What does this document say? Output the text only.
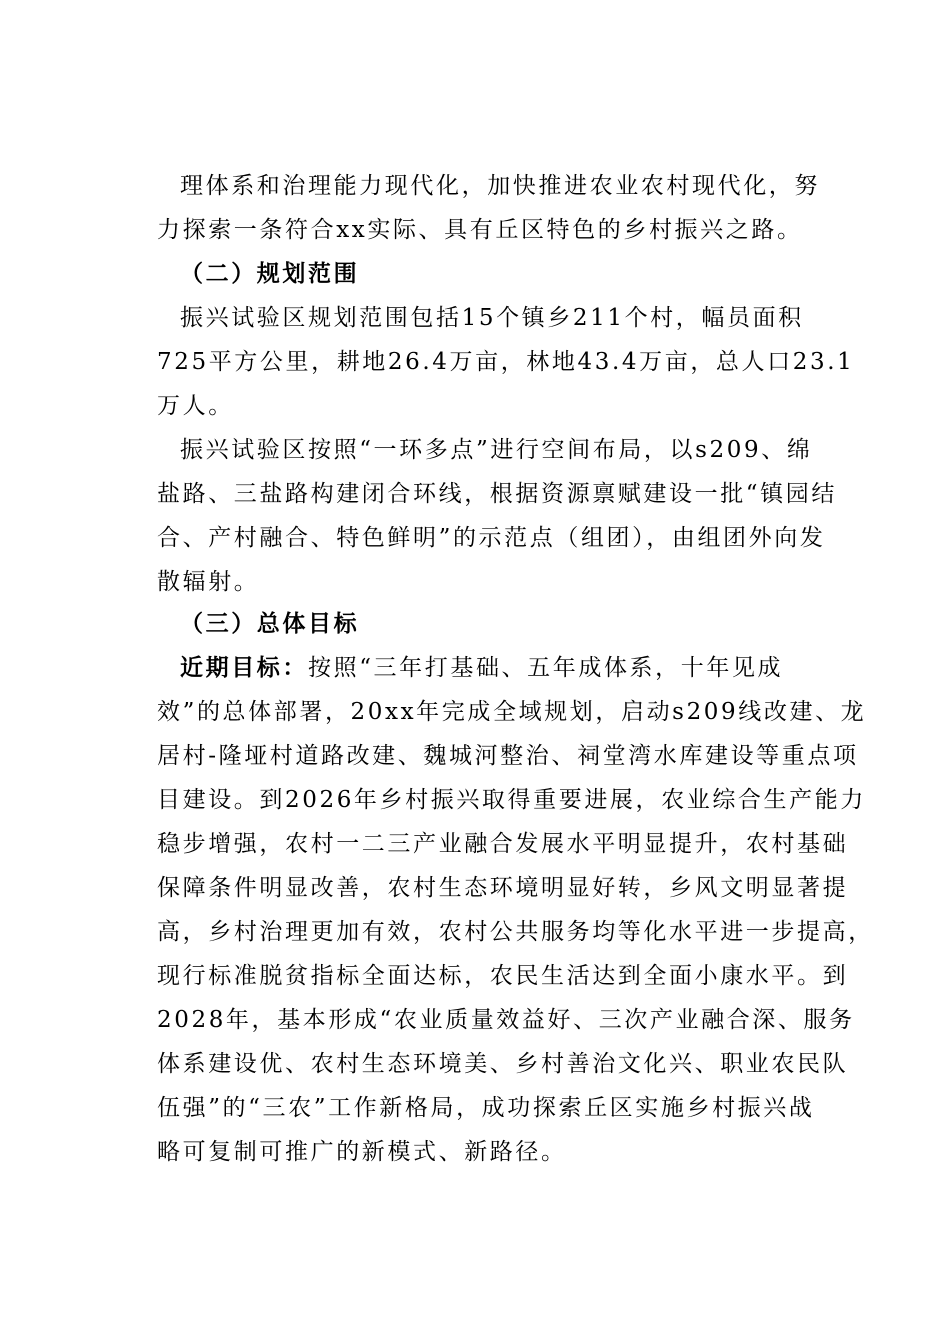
理体系和治理能力现代化，加快推进农业农村现代化，努
力探索一条符合xx实际、具有丘区特色的乡村振兴之路。
（二）规划范围
振兴试验区规划范围包括15个镇乡211个村，幅员面积
725平方公里，耕地26.4万亩，林地43.4万亩，总人口23.1
万人。
振兴试验区按照“一环多点”进行空间布局，以s209、绵
盐路、三盐路构建闭合环线，根据资源禀赋建设一批“镇园结
合、产村融合、特色鲜明”的示范点（组团），由组团外向发
散辐射。
（三）总体目标
近期目标：按照“三年打基础、五年成体系，十年见成
效”的总体部署，20xx年完成全域规划，启动s209线改建、龙
居村-隆垭村道路改建、魏城河整治、祠堂湾水库建设等重点项
目建设。到2026年乡村振兴取得重要进展，农业综合生产能力
稳步增强，农村一二三产业融合发展水平明显提升，农村基础
保障条件明显改善，农村生态环境明显好转，乡风文明显著提
高，乡村治理更加有效，农村公共服务均等化水平进一步提高，
现行标准脱贫指标全面达标，农民生活达到全面小康水平。到
2028年，基本形成“农业质量效益好、三次产业融合深、服务
体系建设优、农村生态环境美、乡村善治文化兴、职业农民队
伍强”的“三农”工作新格局，成功探索丘区实施乡村振兴战
略可复制可推广的新模式、新路径。
